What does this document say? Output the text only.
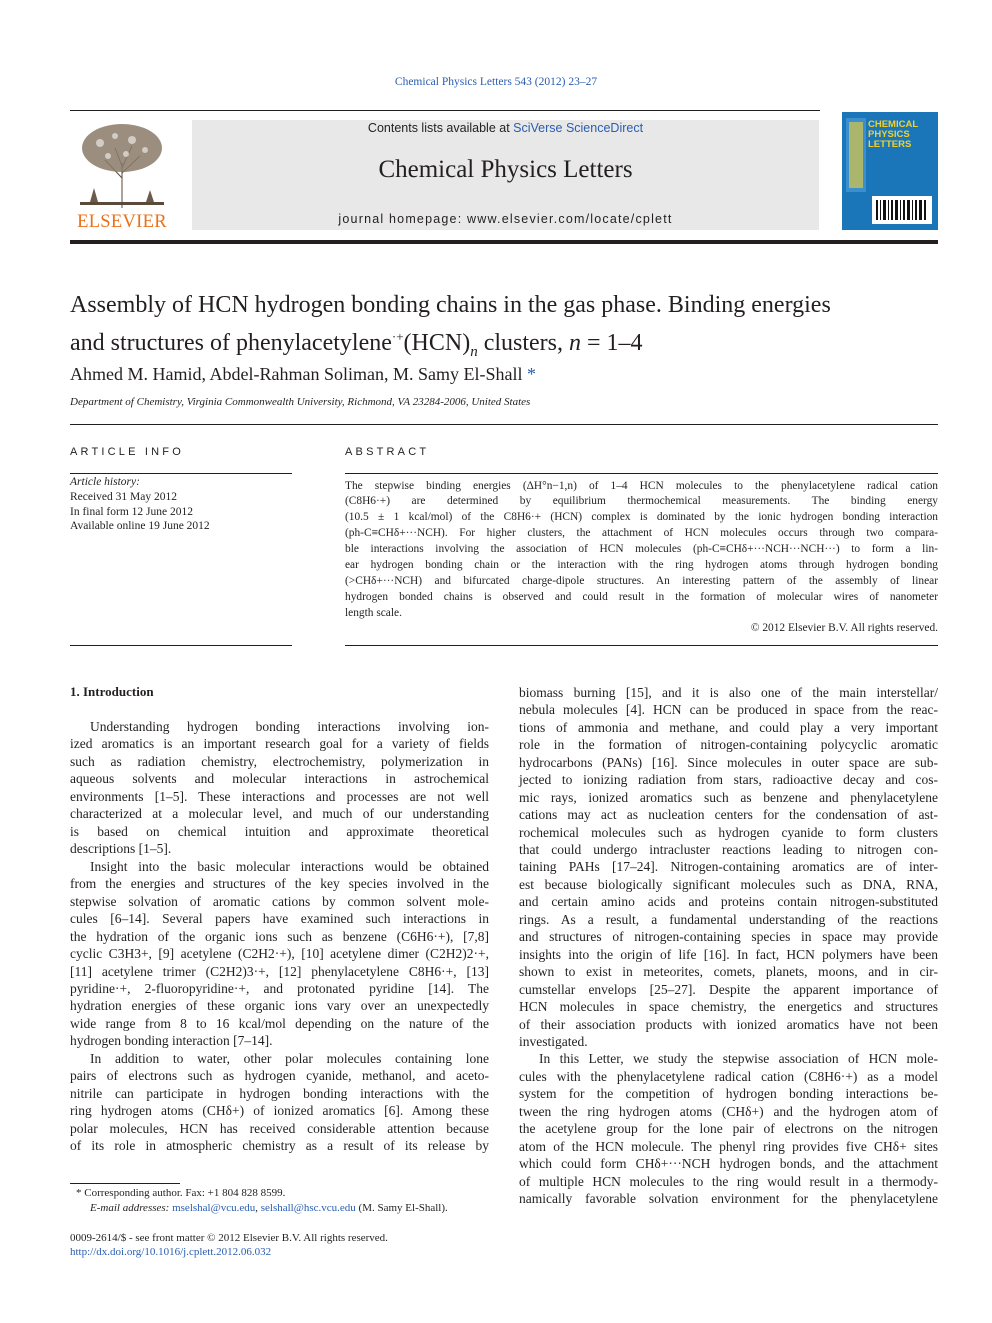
Chemical Physics Letters 543 (2012) 23–27
ELSEVIER
Contents lists available at SciVerse ScienceDirect
Chemical Physics Letters
journal homepage: www.elsevier.com/locate/cplett
CHEMICAL
PHYSICS
LETTERS
Assembly of HCN hydrogen bonding chains in the gas phase. Binding energies
and structures of $phenylacetylene^{\cdot+}(HCN)_n$ clusters, n = 1–4
Ahmed M. Hamid, Abdel-Rahman Soliman, M. Samy El-Shall *
Department of Chemistry, Virginia Commonwealth University, Richmond, VA 23284-2006, United States
ARTICLE INFO
Article history:
Received 31 May 2012
In final form 12 June 2012
Available online 19 June 2012
ABSTRACT
The stepwise binding energies (ΔH°n−1,n) of 1–4 HCN molecules to the phenylacetylene radical cation
(C8H6·+) are determined by equilibrium thermochemical measurements. The binding energy
(10.5 ± 1 kcal/mol) of the C8H6·+ (HCN) complex is dominated by the ionic hydrogen bonding interaction
(ph-C≡CHδ+···NCH). For higher clusters, the attachment of HCN molecules occurs through two compara-
ble interactions involving the association of HCN molecules (ph-C≡CHδ+···NCH···NCH···) to form a lin-
ear hydrogen bonding chain or the interaction with the ring hydrogen atoms through hydrogen bonding
(>CHδ+···NCH) and bifurcated charge-dipole structures. An interesting pattern of the assembly of linear
hydrogen bonded chains is observed and could result in the formation of molecular wires of nanometer
length scale.
© 2012 Elsevier B.V. All rights reserved.
1. Introduction
Understanding hydrogen bonding interactions involving ion-
ized aromatics is an important research goal for a variety of fields
such as radiation chemistry, electrochemistry, polymerization in
aqueous solvents and molecular interactions in astrochemical
environments [1–5]. These interactions and processes are not well
characterized at a molecular level, and much of our understanding
is based on chemical intuition and approximate theoretical
descriptions [1–5].
Insight into the basic molecular interactions would be obtained
from the energies and structures of the key species involved in the
stepwise solvation of aromatic cations by common solvent mole-
cules [6–14]. Several papers have examined such interactions in
the hydration of the organic ions such as benzene (C6H6·+), [7,8]
cyclic C3H3+, [9] acetylene (C2H2·+), [10] acetylene dimer (C2H2)2·+,
[11] acetylene trimer (C2H2)3·+, [12] phenylacetylene C8H6·+, [13]
pyridine·+, 2-fluoropyridine·+, and protonated pyridine [14]. The
hydration energies of these organic ions vary over an unexpectedly
wide range from 8 to 16 kcal/mol depending on the nature of the
hydrogen bonding interaction [7–14].
In addition to water, other polar molecules containing lone
pairs of electrons such as hydrogen cyanide, methanol, and aceto-
nitrile can participate in hydrogen bonding interactions with the
ring hydrogen atoms (CHδ+) of ionized aromatics [6]. Among these
polar molecules, HCN has received considerable attention because
of its role in atmospheric chemistry as a result of its release by
biomass burning [15], and it is also one of the main interstellar/
nebula molecules [4]. HCN can be produced in space from the reac-
tions of ammonia and methane, and could play a very important
role in the formation of nitrogen-containing polycyclic aromatic
hydrocarbons (PANs) [16]. Since molecules in outer space are sub-
jected to ionizing radiation from stars, radioactive decay and cos-
mic rays, ionized aromatics such as benzene and phenylacetylene
cations may act as nucleation centers for the condensation of ast-
rochemical molecules such as hydrogen cyanide to form clusters
that could undergo intracluster reactions leading to nitrogen con-
taining PAHs [17–24]. Nitrogen-containing aromatics are of inter-
est because biologically significant molecules such as DNA, RNA,
and certain amino acids and proteins contain nitrogen-substituted
rings. As a result, a fundamental understanding of the reactions
and structures of nitrogen-containing species in space may provide
insights into the origin of life [16]. In fact, HCN polymers have been
shown to exist in meteorites, comets, planets, moons, and in cir-
cumstellar envelops [25–27]. Despite the apparent importance of
HCN molecules in space chemistry, the energetics and structures
of their association products with ionized aromatics have not been
investigated.
In this Letter, we study the stepwise association of HCN mole-
cules with the phenylacetylene radical cation (C8H6·+) as a model
system for the competition of hydrogen bonding interactions be-
tween the ring hydrogen atoms (CHδ+) and the hydrogen atom of
the acetylene group for the lone pair of electrons on the nitrogen
atom of the HCN molecule. The phenyl ring provides five CHδ+ sites
which could form CHδ+···NCH hydrogen bonds, and the attachment
of multiple HCN molecules to the ring would result in a thermody-
namically favorable solvation environment for the phenylacetylene
* Corresponding author. Fax: +1 804 828 8599.
E-mail addresses: mselshal@vcu.edu, selshall@hsc.vcu.edu (M. Samy El-Shall).
0009-2614/$ - see front matter © 2012 Elsevier B.V. All rights reserved.
http://dx.doi.org/10.1016/j.cplett.2012.06.032
